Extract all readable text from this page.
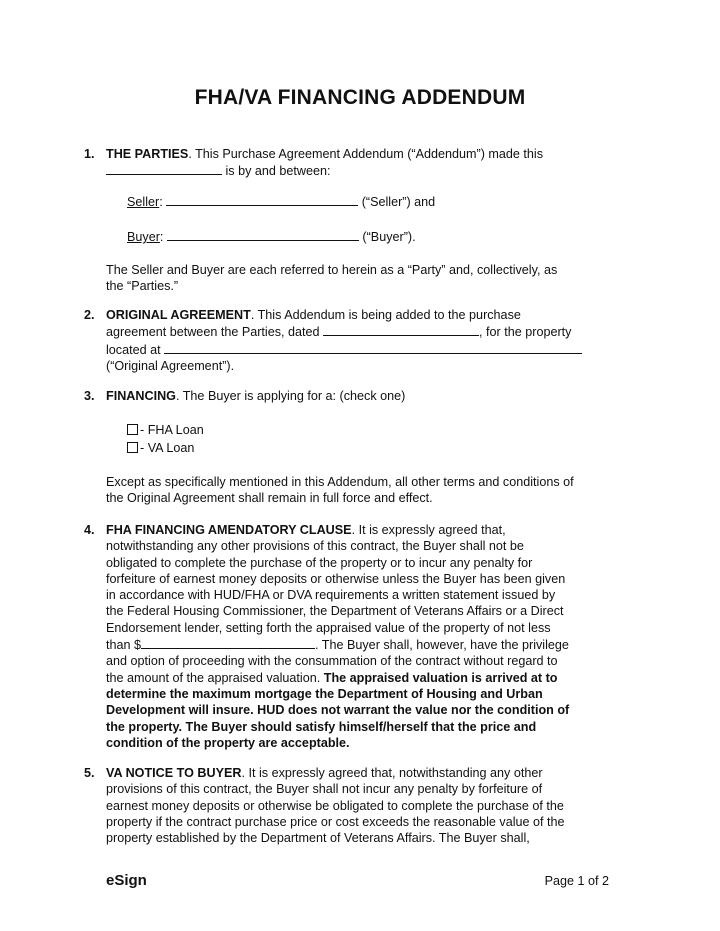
FHA/VA FINANCING ADDENDUM
1. THE PARTIES. This Purchase Agreement Addendum (“Addendum”) made this
is by and between:
Seller:	(“Seller”) and
Buyer:	(“Buyer”).
The Seller and Buyer are each referred to herein as a “Party” and, collectively, as
the “Parties.”
2. ORIGINAL AGREEMENT. This Addendum is being added to the purchase
agreement between the Parties, dated	, for the property
located at
(“Original Agreement”).
3. FINANCING. The Buyer is applying for a: (check one)
- FHA Loan
- VA Loan
Except as specifically mentioned in this Addendum, all other terms and conditions of
the Original Agreement shall remain in full force and effect.
4. FHA FINANCING AMENDATORY CLAUSE. It is expressly agreed that,
notwithstanding any other provisions of this contract, the Buyer shall not be
obligated to complete the purchase of the property or to incur any penalty for
forfeiture of earnest money deposits or otherwise unless the Buyer has been given
in accordance with HUD/FHA or DVA requirements a written statement issued by
the Federal Housing Commissioner, the Department of Veterans Affairs or a Direct
Endorsement lender, setting forth the appraised value of the property of not less
than $	. The Buyer shall, however, have the privilege
and option of proceeding with the consummation of the contract without regard to
the amount of the appraised valuation. The appraised valuation is arrived at to
determine the maximum mortgage the Department of Housing and Urban
Development will insure. HUD does not warrant the value nor the condition of
the property. The Buyer should satisfy himself/herself that the price and
condition of the property are acceptable.
5. VA NOTICE TO BUYER. It is expressly agreed that, notwithstanding any other
provisions of this contract, the Buyer shall not incur any penalty by forfeiture of
earnest money deposits or otherwise be obligated to complete the purchase of the
property if the contract purchase price or cost exceeds the reasonable value of the
property established by the Department of Veterans Affairs. The Buyer shall,
eSign	Page 1 of 2
